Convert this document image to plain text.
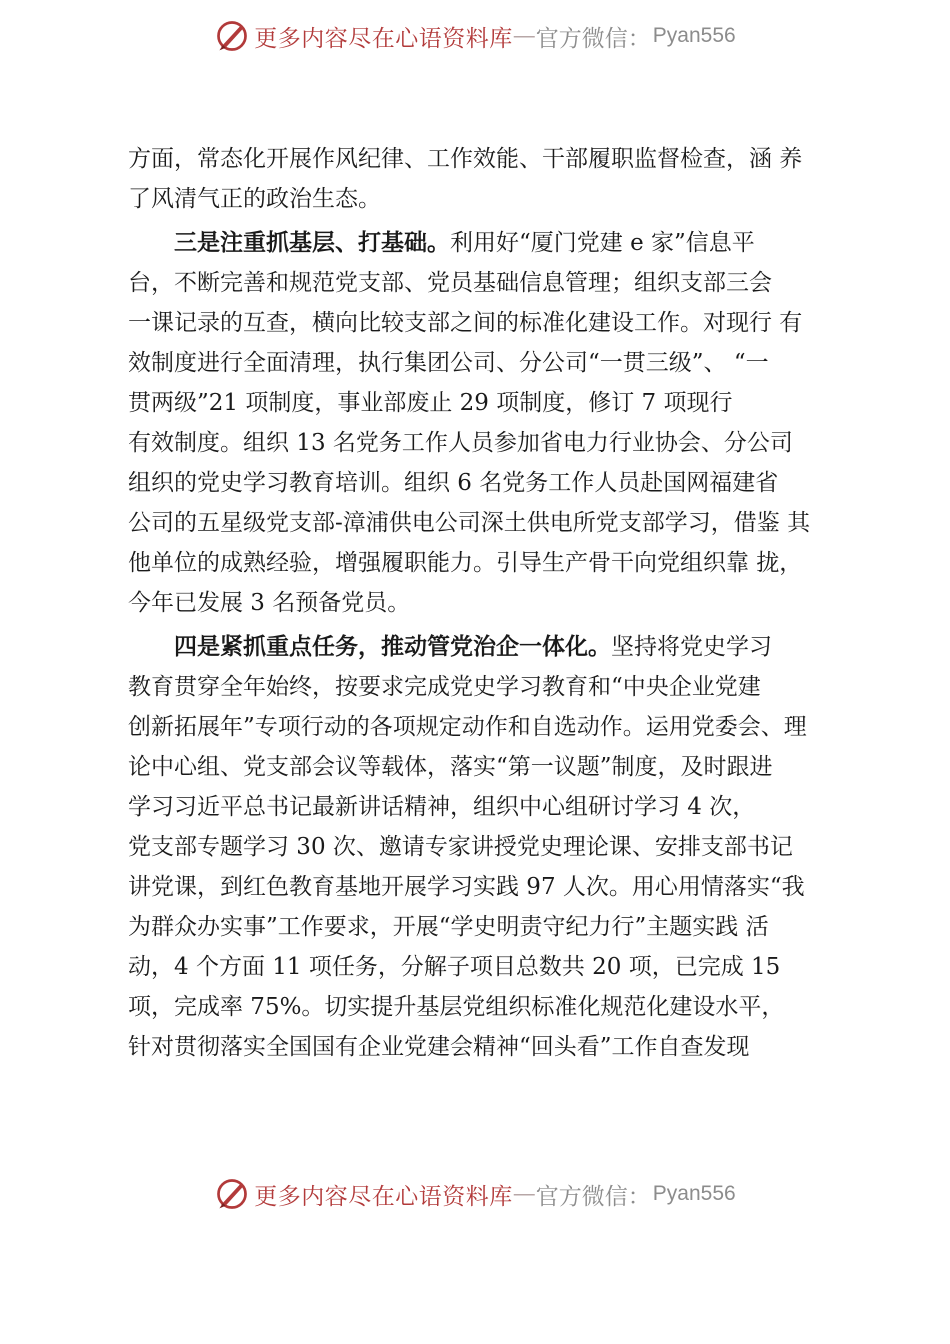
更多内容尽在心语资料库 — 官方微信： Pyan556
方面，常态化开展作风纪律、工作效能、干部履职监督检查，涵 养
了风清气正的政治生态。
三是注重抓基层、打基础。利用好“厦门党建 e 家”信息平
台，不断完善和规范党支部、党员基础信息管理；组织支部三会
一课记录的互查，横向比较支部之间的标准化建设工作。对现行 有
效制度进行全面清理，执行集团公司、分公司“一贯三级”、 “一
贯两级”21 项制度，事业部废止 29 项制度，修订 7 项现行
有效制度。组织 13 名党务工作人员参加省电力行业协会、分公司
组织的党史学习教育培训。组织 6 名党务工作人员赴国网福建省
公司的五星级党支部-漳浦供电公司深土供电所党支部学习，借鉴 其
他单位的成熟经验，增强履职能力。引导生产骨干向党组织靠 拢，
今年已发展 3 名预备党员。
四是紧抓重点任务，推动管党治企一体化。坚持将党史学习
教育贯穿全年始终，按要求完成党史学习教育和“中央企业党建
创新拓展年”专项行动的各项规定动作和自选动作。运用党委会、理
论中心组、党支部会议等载体，落实“第一议题”制度，及时跟进
学习习近平总书记最新讲话精神，组织中心组研讨学习 4 次，
党支部专题学习 30 次、邀请专家讲授党史理论课、安排支部书记
讲党课，到红色教育基地开展学习实践 97 人次。用心用情落实“我
为群众办实事”工作要求，开展“学史明责守纪力行”主题实践 活
动，4 个方面 11 项任务，分解子项目总数共 20 项，已完成 15
项，完成率 75%。切实提升基层党组织标准化规范化建设水平，
针对贯彻落实全国国有企业党建会精神“回头看”工作自查发现
更多内容尽在心语资料库 — 官方微信： Pyan556
